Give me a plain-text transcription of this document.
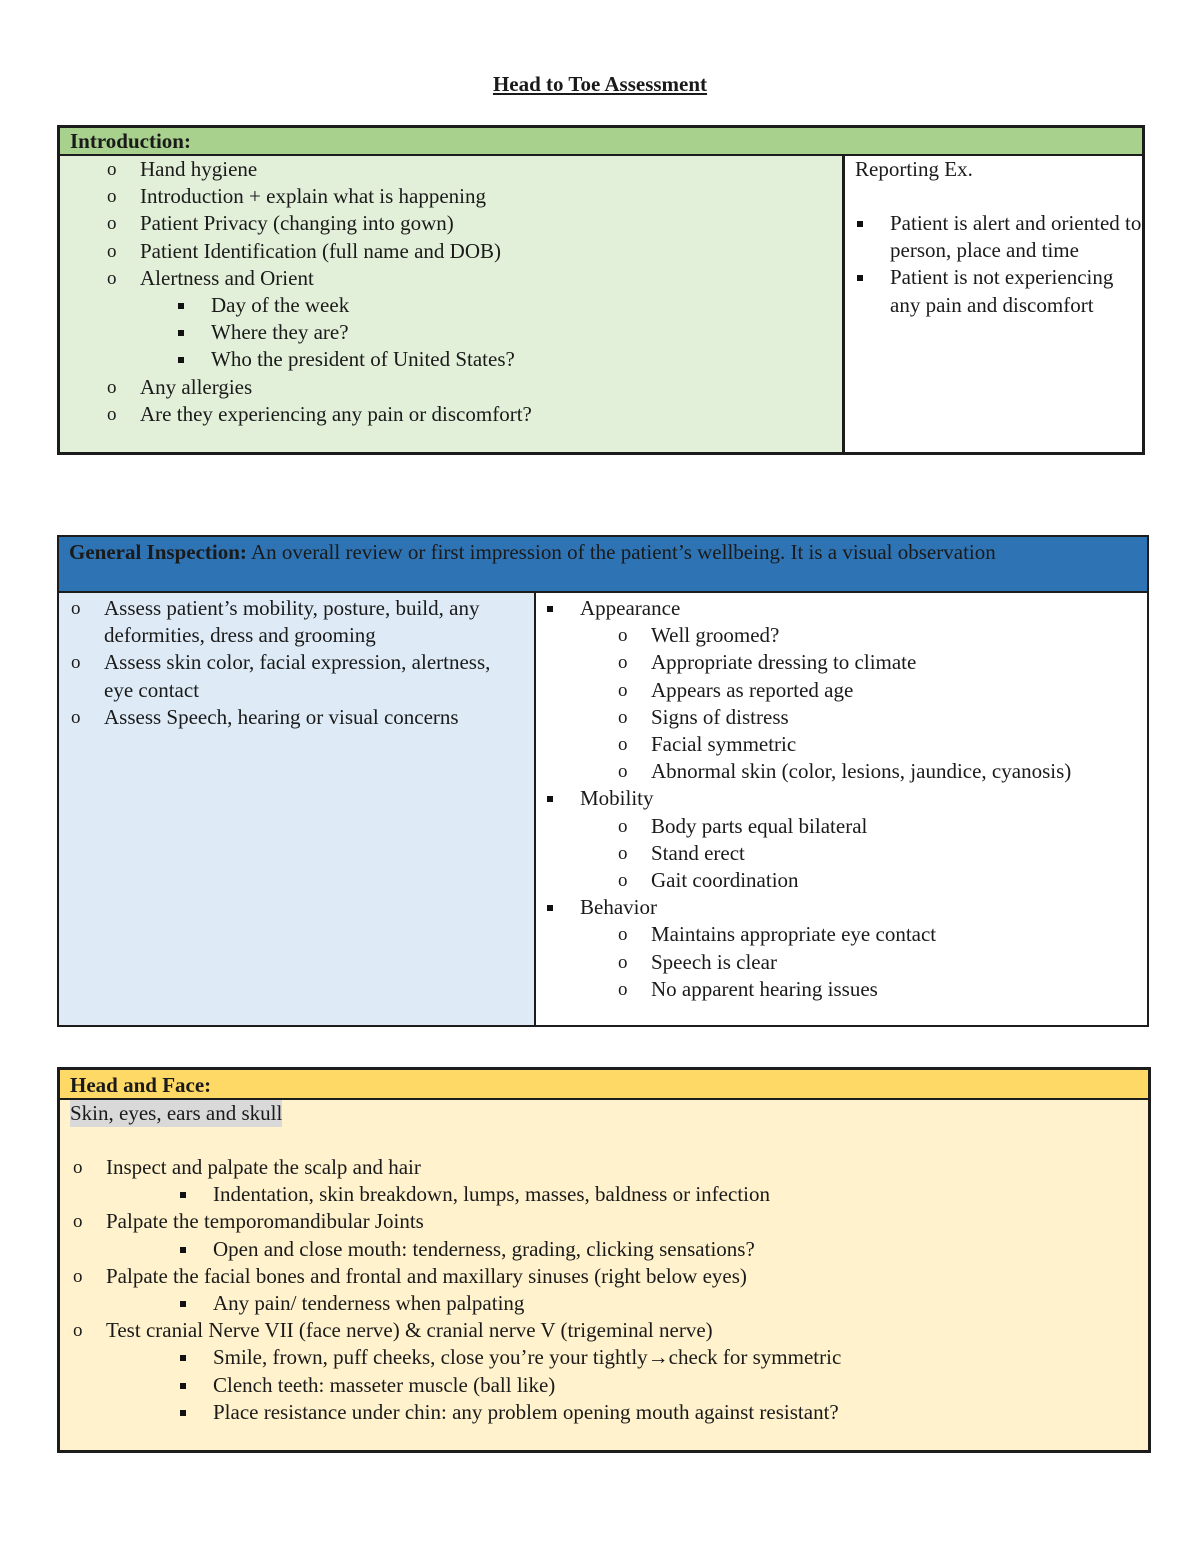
Head to Toe Assessment
Introduction:
o Hand hygiene
o Introduction + explain what is happening
o Patient Privacy (changing into gown)
o Patient Identification (full name and DOB)
o Alertness and Orient
Day of the week
Where they are?
Who the president of United States?
o Any allergies
o Are they experiencing any pain or discomfort?
Reporting Ex.
Patient is alert and oriented to person, place and time
Patient is not experiencing any pain and discomfort
General Inspection: An overall review or first impression of the patient’s wellbeing. It is a visual observation
o Assess patient’s mobility, posture, build, any deformities, dress and grooming
o Assess skin color, facial expression, alertness, eye contact
o Assess Speech, hearing or visual concerns
Appearance
o Well groomed?
o Appropriate dressing to climate
o Appears as reported age
o Signs of distress
o Facial symmetric
o Abnormal skin (color, lesions, jaundice, cyanosis)
Mobility
o Body parts equal bilateral
o Stand erect
o Gait coordination
Behavior
o Maintains appropriate eye contact
o Speech is clear
o No apparent hearing issues
Head and Face:
Skin, eyes, ears and skull
o Inspect and palpate the scalp and hair
Indentation, skin breakdown, lumps, masses, baldness or infection
o Palpate the temporomandibular Joints
Open and close mouth: tenderness, grading, clicking sensations?
o Palpate the facial bones and frontal and maxillary sinuses (right below eyes)
Any pain/ tenderness when palpating
o Test cranial Nerve VII (face nerve) & cranial nerve V (trigeminal nerve)
Smile, frown, puff cheeks, close you’re your tightly→check for symmetric
Clench teeth: masseter muscle (ball like)
Place resistance under chin: any problem opening mouth against resistant?
